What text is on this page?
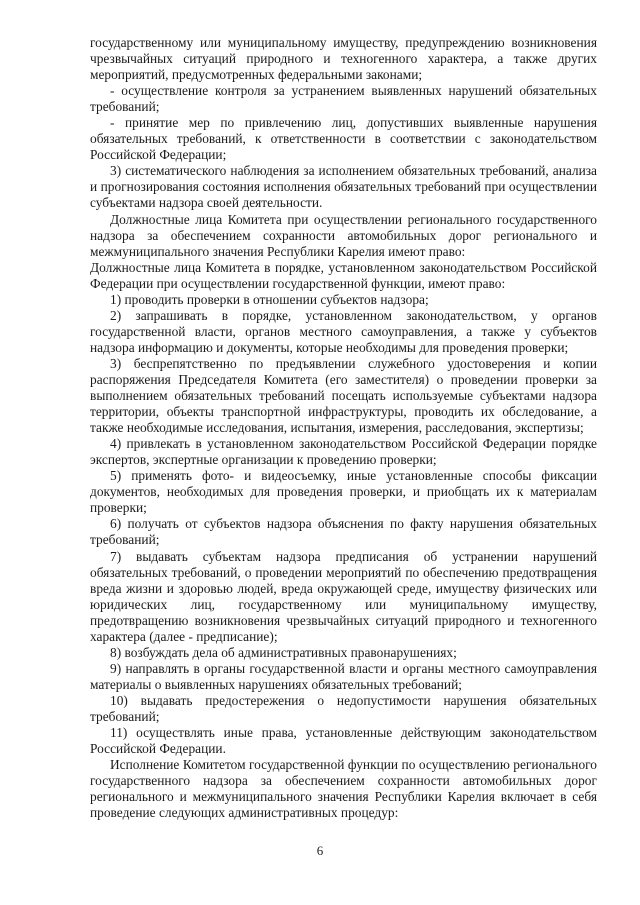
государственному или муниципальному имуществу, предупреждению возникновения чрезвычайных ситуаций природного и техногенного характера, а также других мероприятий, предусмотренных федеральными законами;

- осуществление контроля за устранением выявленных нарушений обязательных требований;

- принятие мер по привлечению лиц, допустивших выявленные нарушения обязательных требований, к ответственности в соответствии с законодательством Российской Федерации;

3) систематического наблюдения за исполнением обязательных требований, анализа и прогнозирования состояния исполнения обязательных требований при осуществлении субъектами надзора своей деятельности.

Должностные лица Комитета при осуществлении регионального государственного надзора за обеспечением сохранности автомобильных дорог регионального и межмуниципального значения Республики Карелия имеют право:

Должностные лица Комитета в порядке, установленном законодательством Российской Федерации при осуществлении государственной функции, имеют право:

1) проводить проверки в отношении субъектов надзора;

2) запрашивать в порядке, установленном законодательством, у органов государственной власти, органов местного самоуправления, а также у субъектов надзора информацию и документы, которые необходимы для проведения проверки;

3) беспрепятственно по предъявлении служебного удостоверения и копии распоряжения Председателя Комитета (его заместителя) о проведении проверки за выполнением обязательных требований посещать используемые субъектами надзора территории, объекты транспортной инфраструктуры, проводить их обследование, а также необходимые исследования, испытания, измерения, расследования, экспертизы;

4) привлекать в установленном законодательством Российской Федерации порядке экспертов, экспертные организации к проведению проверки;

5) применять фото- и видеосъемку, иные установленные способы фиксации документов, необходимых для проведения проверки, и приобщать их к материалам проверки;

6) получать от субъектов надзора объяснения по факту нарушения обязательных требований;

7) выдавать субъектам надзора предписания об устранении нарушений обязательных требований, о проведении мероприятий по обеспечению предотвращения вреда жизни и здоровью людей, вреда окружающей среде, имуществу физических или юридических лиц, государственному или муниципальному имуществу, предотвращению возникновения чрезвычайных ситуаций природного и техногенного характера (далее - предписание);

8) возбуждать дела об административных правонарушениях;

9) направлять в органы государственной власти и органы местного самоуправления материалы о выявленных нарушениях обязательных требований;

10) выдавать предостережения о недопустимости нарушения обязательных требований;

11) осуществлять иные права, установленные действующим законодательством Российской Федерации.

Исполнение Комитетом государственной функции по осуществлению регионального государственного надзора за обеспечением сохранности автомобильных дорог регионального и межмуниципального значения Республики Карелия включает в себя проведение следующих административных процедур:

6
